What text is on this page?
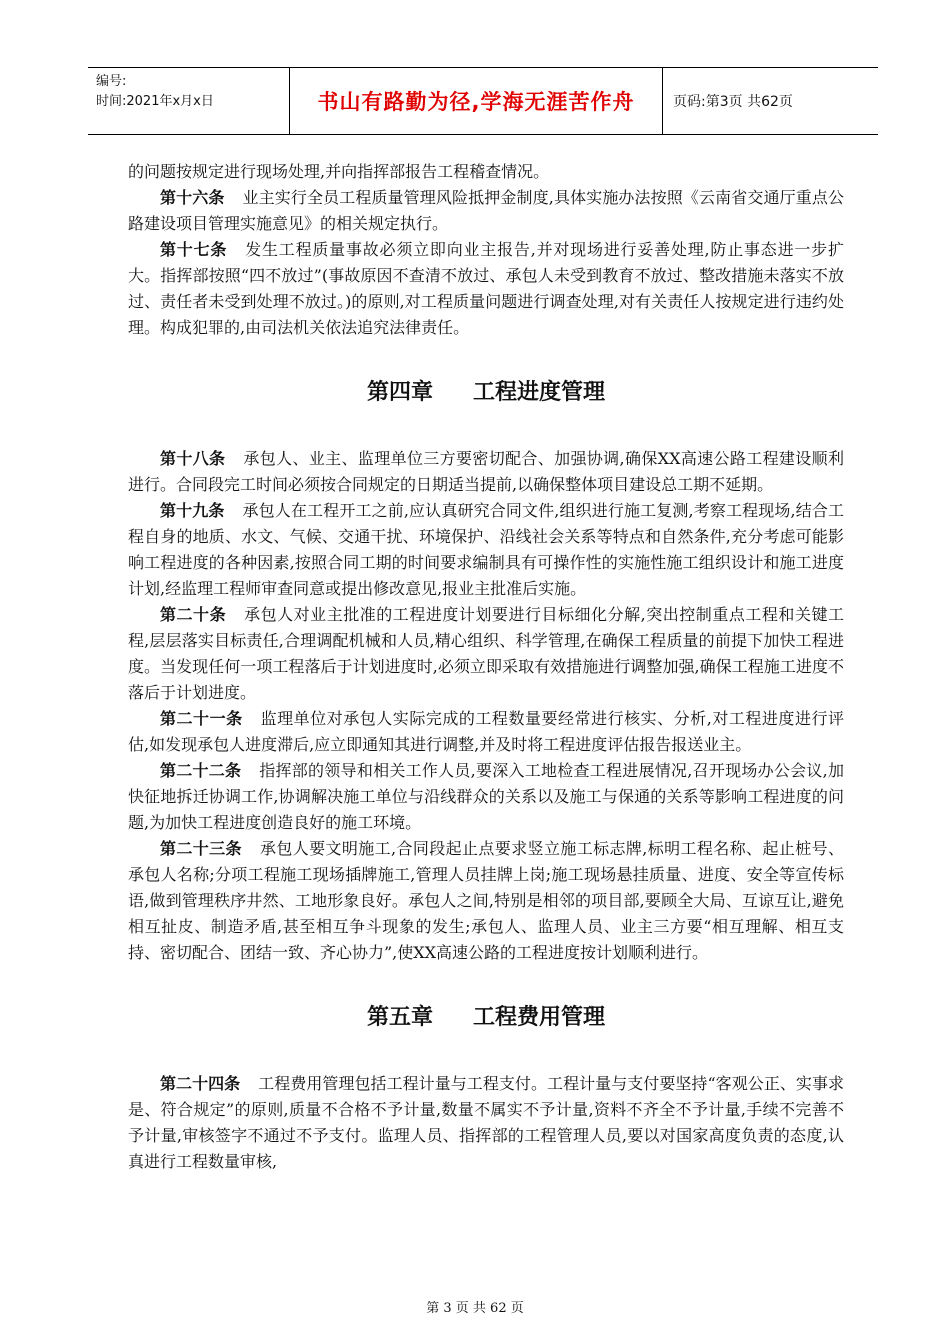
编号:
时间:2021年x月x日	书山有路勤为径,学海无涯苦作舟	页码:第3页 共62页

的问题按规定进行现场处理,并向指挥部报告工程稽查情况。

第十六条 业主实行全员工程质量管理风险抵押金制度,具体实施办法按照《云南省交通厅重点公路建设项目管理实施意见》的相关规定执行。

第十七条 发生工程质量事故必须立即向业主报告,并对现场进行妥善处理,防止事态进一步扩大。指挥部按照“四不放过”(事故原因不查清不放过、承包人未受到教育不放过、整改措施未落实不放过、责任者未受到处理不放过。)的原则,对工程质量问题进行调查处理,对有关责任人按规定进行违约处理。构成犯罪的,由司法机关依法追究法律责任。

第四章 工程进度管理

第十八条 承包人、业主、监理单位三方要密切配合、加强协调,确保XX高速公路工程建设顺利进行。合同段完工时间必须按合同规定的日期适当提前,以确保整体项目建设总工期不延期。

第十九条 承包人在工程开工之前,应认真研究合同文件,组织进行施工复测,考察工程现场,结合工程自身的地质、水文、气候、交通干扰、环境保护、沿线社会关系等特点和自然条件,充分考虑可能影响工程进度的各种因素,按照合同工期的时间要求编制具有可操作性的实施性施工组织设计和施工进度计划,经监理工程师审查同意或提出修改意见,报业主批准后实施。

第二十条 承包人对业主批准的工程进度计划要进行目标细化分解,突出控制重点工程和关键工程,层层落实目标责任,合理调配机械和人员,精心组织、科学管理,在确保工程质量的前提下加快工程进度。当发现任何一项工程落后于计划进度时,必须立即采取有效措施进行调整加强,确保工程施工进度不落后于计划进度。

第二十一条 监理单位对承包人实际完成的工程数量要经常进行核实、分析,对工程进度进行评估,如发现承包人进度滞后,应立即通知其进行调整,并及时将工程进度评估报告报送业主。

第二十二条 指挥部的领导和相关工作人员,要深入工地检查工程进展情况,召开现场办公会议,加快征地拆迁协调工作,协调解决施工单位与沿线群众的关系以及施工与保通的关系等影响工程进度的问题,为加快工程进度创造良好的施工环境。

第二十三条 承包人要文明施工,合同段起止点要求竖立施工标志牌,标明工程名称、起止桩号、承包人名称;分项工程施工现场插牌施工,管理人员挂牌上岗;施工现场悬挂质量、进度、安全等宣传标语,做到管理秩序井然、工地形象良好。承包人之间,特别是相邻的项目部,要顾全大局、互谅互让,避免相互扯皮、制造矛盾,甚至相互争斗现象的发生;承包人、监理人员、业主三方要“相互理解、相互支持、密切配合、团结一致、齐心协力”,使XX高速公路的工程进度按计划顺利进行。

第五章 工程费用管理

第二十四条 工程费用管理包括工程计量与工程支付。工程计量与支付要坚持“客观公正、实事求是、符合规定”的原则,质量不合格不予计量,数量不属实不予计量,资料不齐全不予计量,手续不完善不予计量,审核签字不通过不予支付。监理人员、指挥部的工程管理人员,要以对国家高度负责的态度,认真进行工程数量审核,

第 3 页 共 62 页
